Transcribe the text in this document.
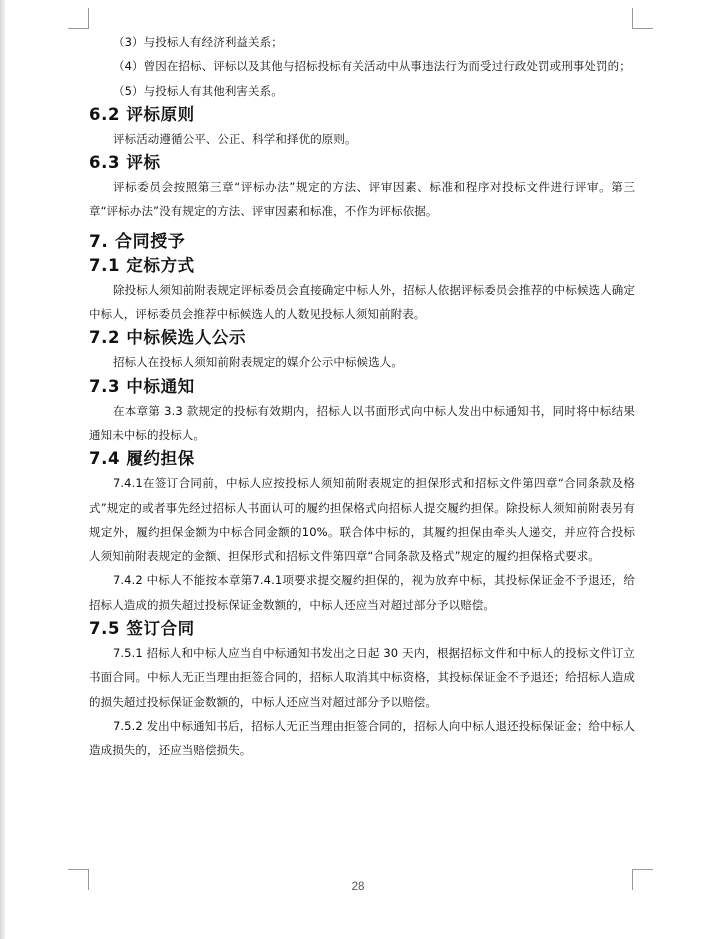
（3）与投标人有经济利益关系；

（4）曾因在招标、评标以及其他与招标投标有关活动中从事违法行为而受过行政处罚或刑事处罚的；

（5）与投标人有其他利害关系。

6.2 评标原则

评标活动遵循公平、公正、科学和择优的原则。

6.3 评标

评标委员会按照第三章“评标办法”规定的方法、评审因素、标准和程序对投标文件进行评审。第三章“评标办法”没有规定的方法、评审因素和标准，不作为评标依据。

7. 合同授予

7.1 定标方式

除投标人须知前附表规定评标委员会直接确定中标人外，招标人依据评标委员会推荐的中标候选人确定中标人，评标委员会推荐中标候选人的人数见投标人须知前附表。

7.2 中标候选人公示

招标人在投标人须知前附表规定的媒介公示中标候选人。

7.3 中标通知

在本章第 3.3 款规定的投标有效期内，招标人以书面形式向中标人发出中标通知书，同时将中标结果通知未中标的投标人。

7.4 履约担保

7.4.1在签订合同前，中标人应按投标人须知前附表规定的担保形式和招标文件第四章“合同条款及格式”规定的或者事先经过招标人书面认可的履约担保格式向招标人提交履约担保。除投标人须知前附表另有规定外，履约担保金额为中标合同金额的10%。联合体中标的，其履约担保由牵头人递交，并应符合投标人须知前附表规定的金额、担保形式和招标文件第四章“合同条款及格式”规定的履约担保格式要求。

7.4.2 中标人不能按本章第7.4.1项要求提交履约担保的，视为放弃中标，其投标保证金不予退还，给招标人造成的损失超过投标保证金数额的，中标人还应当对超过部分予以赔偿。

7.5 签订合同

7.5.1 招标人和中标人应当自中标通知书发出之日起 30 天内，根据招标文件和中标人的投标文件订立书面合同。中标人无正当理由拒签合同的，招标人取消其中标资格，其投标保证金不予退还；给招标人造成的损失超过投标保证金数额的，中标人还应当对超过部分予以赔偿。

7.5.2 发出中标通知书后，招标人无正当理由拒签合同的，招标人向中标人退还投标保证金；给中标人造成损失的，还应当赔偿损失。

28
